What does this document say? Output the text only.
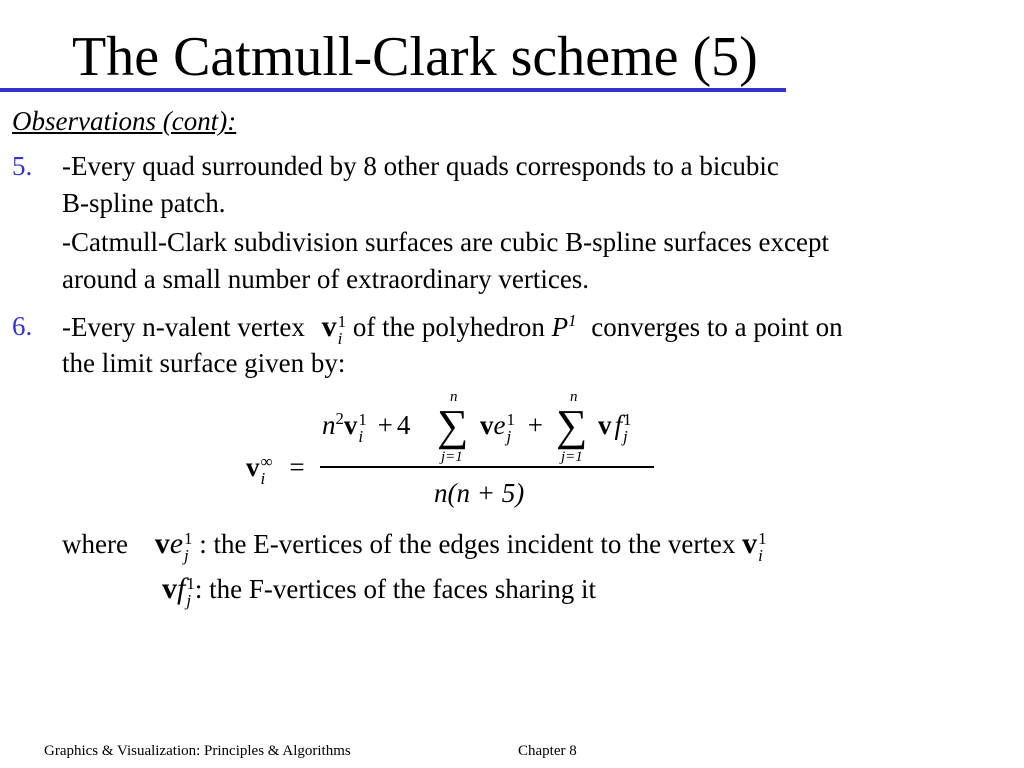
The Catmull-Clark scheme (5)
Observations (cont):
5. -Every quad surrounded by 8 other quads corresponds to a bicubic
B-spline patch.
-Catmull-Clark subdivision surfaces are cubic B-spline surfaces except
around a small number of extraordinary vertices.
6. -Every n-valent vertex v 1
i of the polyhedron $P^1$ converges to a point on
the limit surface given by:
v ∞
i =
$n^2v$ 1
i + 4
n
∑
j=1
ve 1
j +
n
∑
j=1
v f 1
j
n(n + 5)
where ve 1
j : the E-vertices of the edges incident to the vertex v 1
i
vf 1
j : the F-vertices of the faces sharing it
Graphics & Visualization: Principles & Algorithms	Chapter 8
